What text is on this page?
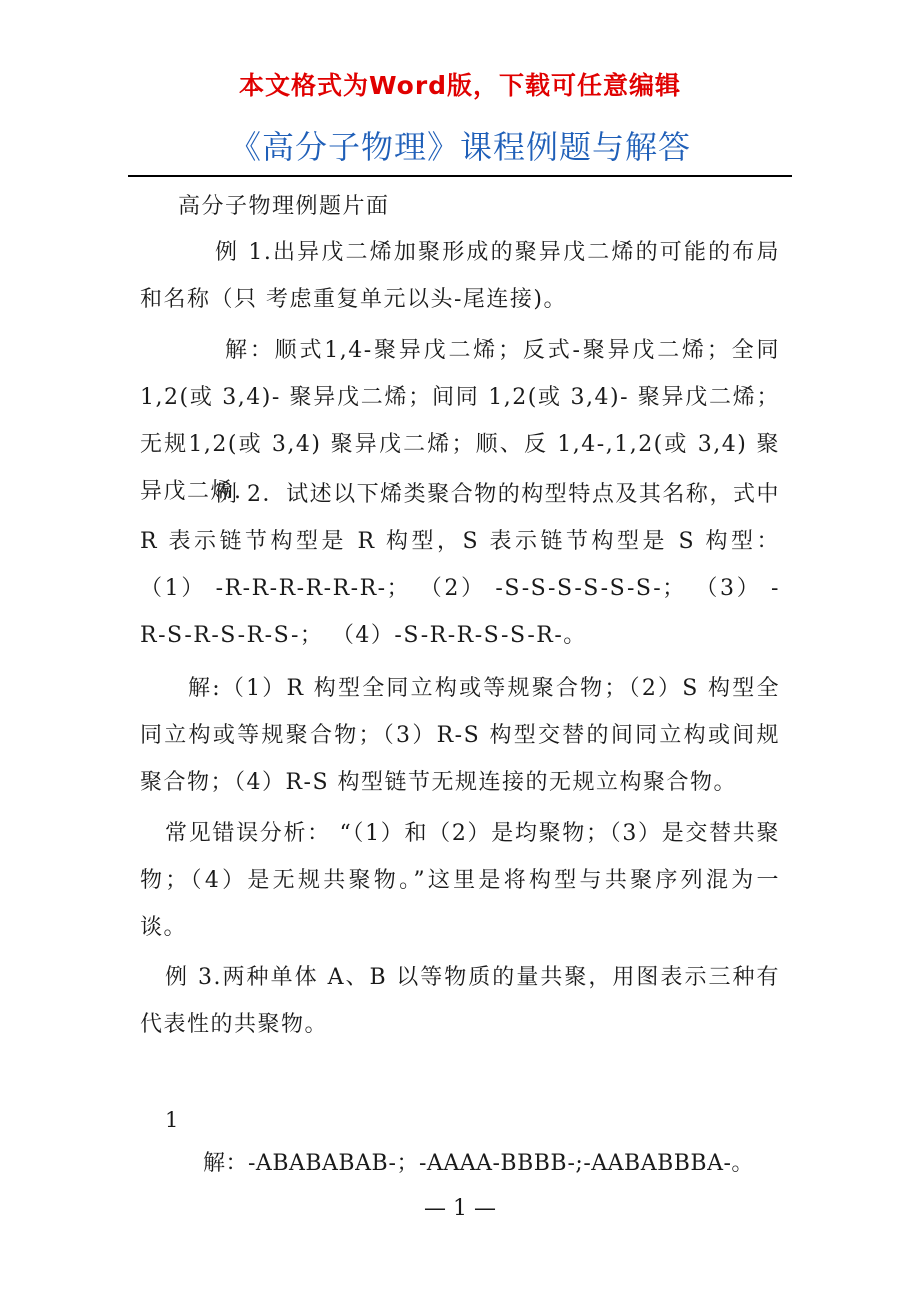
本文格式为Word版，下载可任意编辑
《高分子物理》课程例题与解答
高分子物理例题片面
例 1.出异戊二烯加聚形成的聚异戊二烯的可能的布局和名称（只 考虑重复单元以头-尾连接)。
解：顺式1,4-聚异戊二烯；反式-聚异戊二烯；全同1,2(或 3,4)- 聚异戊二烯；间同 1,2(或 3,4)- 聚异戊二烯；无规1,2(或 3,4) 聚异戊二烯；顺、反 1,4-,1,2(或 3,4) 聚异戊二烯.
例 2．试述以下烯类聚合物的构型特点及其名称，式中 R 表示链节构型是 R 构型，S 表示链节构型是 S 构型：（1） -R-R-R-R-R-R-； （2） -S-S-S-S-S-S-； （3） -R-S-R-S-R-S-； （4）-S-R-R-S-S-R-。
解:（1）R 构型全同立构或等规聚合物；（2）S 构型全同立构或等规聚合物；（3）R-S 构型交替的间同立构或间规聚合物；（4）R-S 构型链节无规连接的无规立构聚合物。
常见错误分析： “（1）和（2）是均聚物；（3）是交替共聚物；（4）是无规共聚物。”这里是将构型与共聚序列混为一谈。
例 3.两种单体 A、B 以等物质的量共聚，用图表示三种有代表性的共聚物。
1
解：-ABABABAB-；-AAAA-BBBB-;-AABABBBA-。
— 1 —
